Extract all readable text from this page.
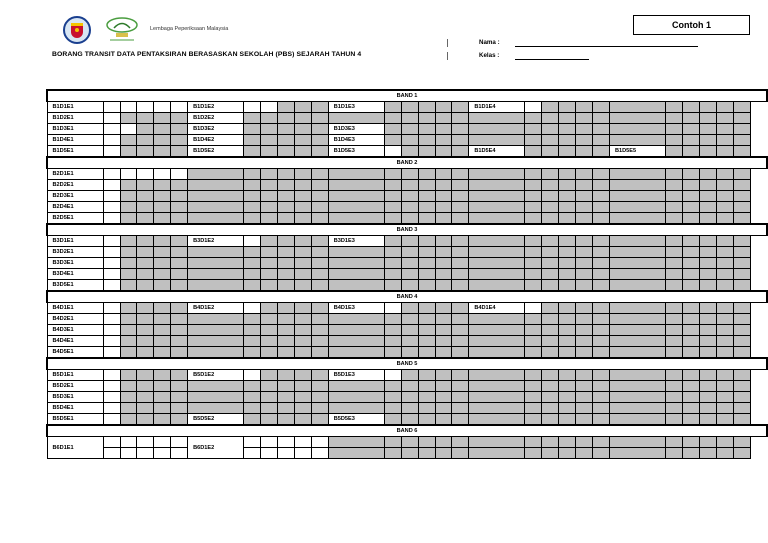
Contoh 1
Lembaga Peperiksaan Malaysia
BORANG TRANSIT DATA PENTAKSIRAN BERASASKAN SEKOLAH (PBS) SEJARAH TAHUN 4
Nama :
Kelas :
BAND 1																													
B1D1E1						B1D1E2						B1D1E3						B1D1E4											
B1D2E1						B1D2E2																							
B1D3E1						B1D3E2						B1D3E3																	
B1D4E1						B1D4E2						B1D4E3																	
B1D5E1						B1D5E2						B1D5E3						B1D5E4						B1D5E5					
BAND 2																													
B2D1E1																													
B2D2E1																													
B2D3E1																													
B2D4E1																													
B2D5E1																													
BAND 3																													
B3D1E1						B3D1E2						B3D1E3																	
B3D2E1																													
B3D3E1																													
B3D4E1																													
B3D5E1																													
BAND 4																													
B4D1E1						B4D1E2						B4D1E3						B4D1E4											
B4D2E1																													
B4D3E1																													
B4D4E1																													
B4D5E1																													
BAND 5																													
B5D1E1						B5D1E2						B5D1E3																	
B5D2E1																													
B5D3E1																													
B5D4E1																													
B5D5E1						B5D5E2						B5D5E3																	
BAND 6																													
B6D1E1						B6D1E2																							
